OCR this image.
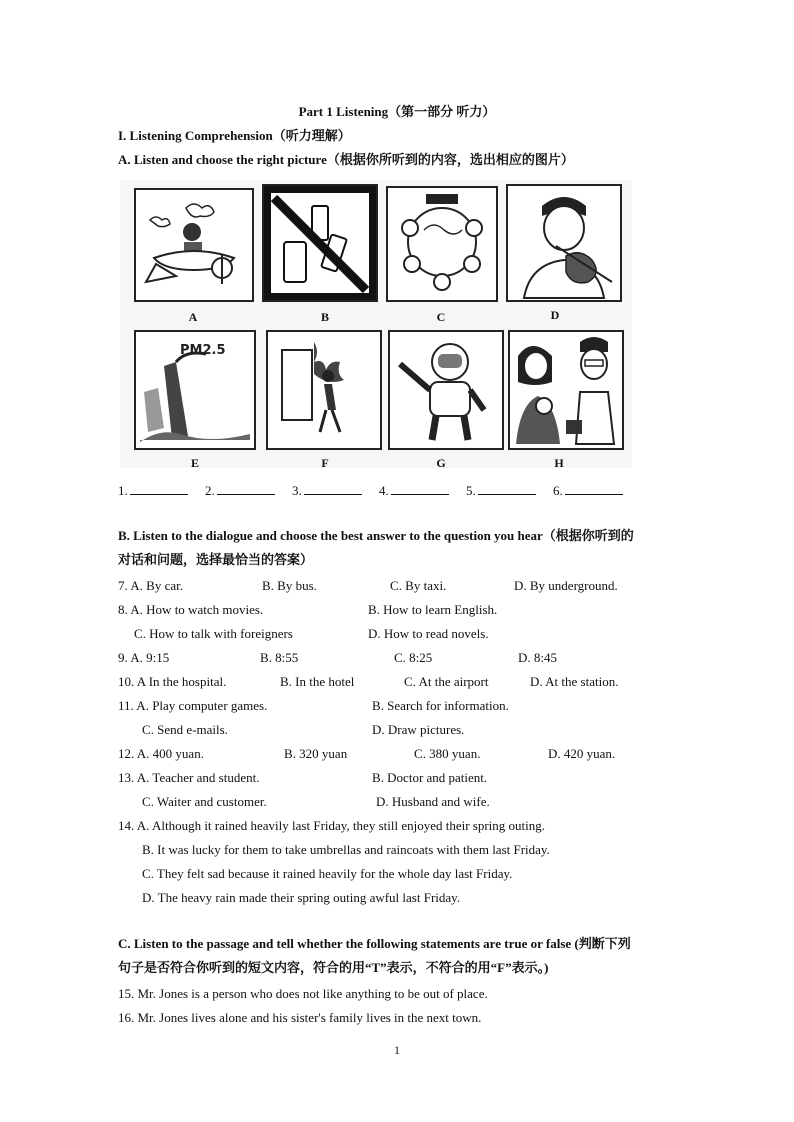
Part 1 Listening（第一部分 听力）
I. Listening Comprehension（听力理解）
A. Listen and choose the right picture（根据你所听到的内容，选出相应的图片）
A	B	C	D
PM2.5
E	F	G	H
1.	2.	3.	4.	5.	6.
B. Listen to the dialogue and choose the best answer to the question you hear（根据你听到的
对话和问题，选择最恰当的答案）
7. A. By car.	B. By bus.	C. By taxi.	D. By underground.
8. A. How to watch movies.	B. How to learn English.
C. How to talk with foreigners	D. How to read novels.
9. A. 9:15	B. 8:55	C. 8:25	D. 8:45
10. A In the hospital.	B. In the hotel	C. At the airport	D. At the station.
11. A. Play computer games.	B. Search for information.
C. Send e-mails.	D. Draw pictures.
12. A. 400 yuan.	B. 320 yuan	C. 380 yuan.	D. 420 yuan.
13. A. Teacher and student.	B. Doctor and patient.
C. Waiter and customer.	D. Husband and wife.
14. A. Although it rained heavily last Friday, they still enjoyed their spring outing.
B. It was lucky for them to take umbrellas and raincoats with them last Friday.
C. They felt sad because it rained heavily for the whole day last Friday.
D. The heavy rain made their spring outing awful last Friday.
C. Listen to the passage and tell whether the following statements are true or false (判断下列
句子是否符合你听到的短文内容，符合的用“T”表示，不符合的用“F”表示。)
15. Mr. Jones is a person who does not like anything to be out of place.
16. Mr. Jones lives alone and his sister's family lives in the next town.
1
